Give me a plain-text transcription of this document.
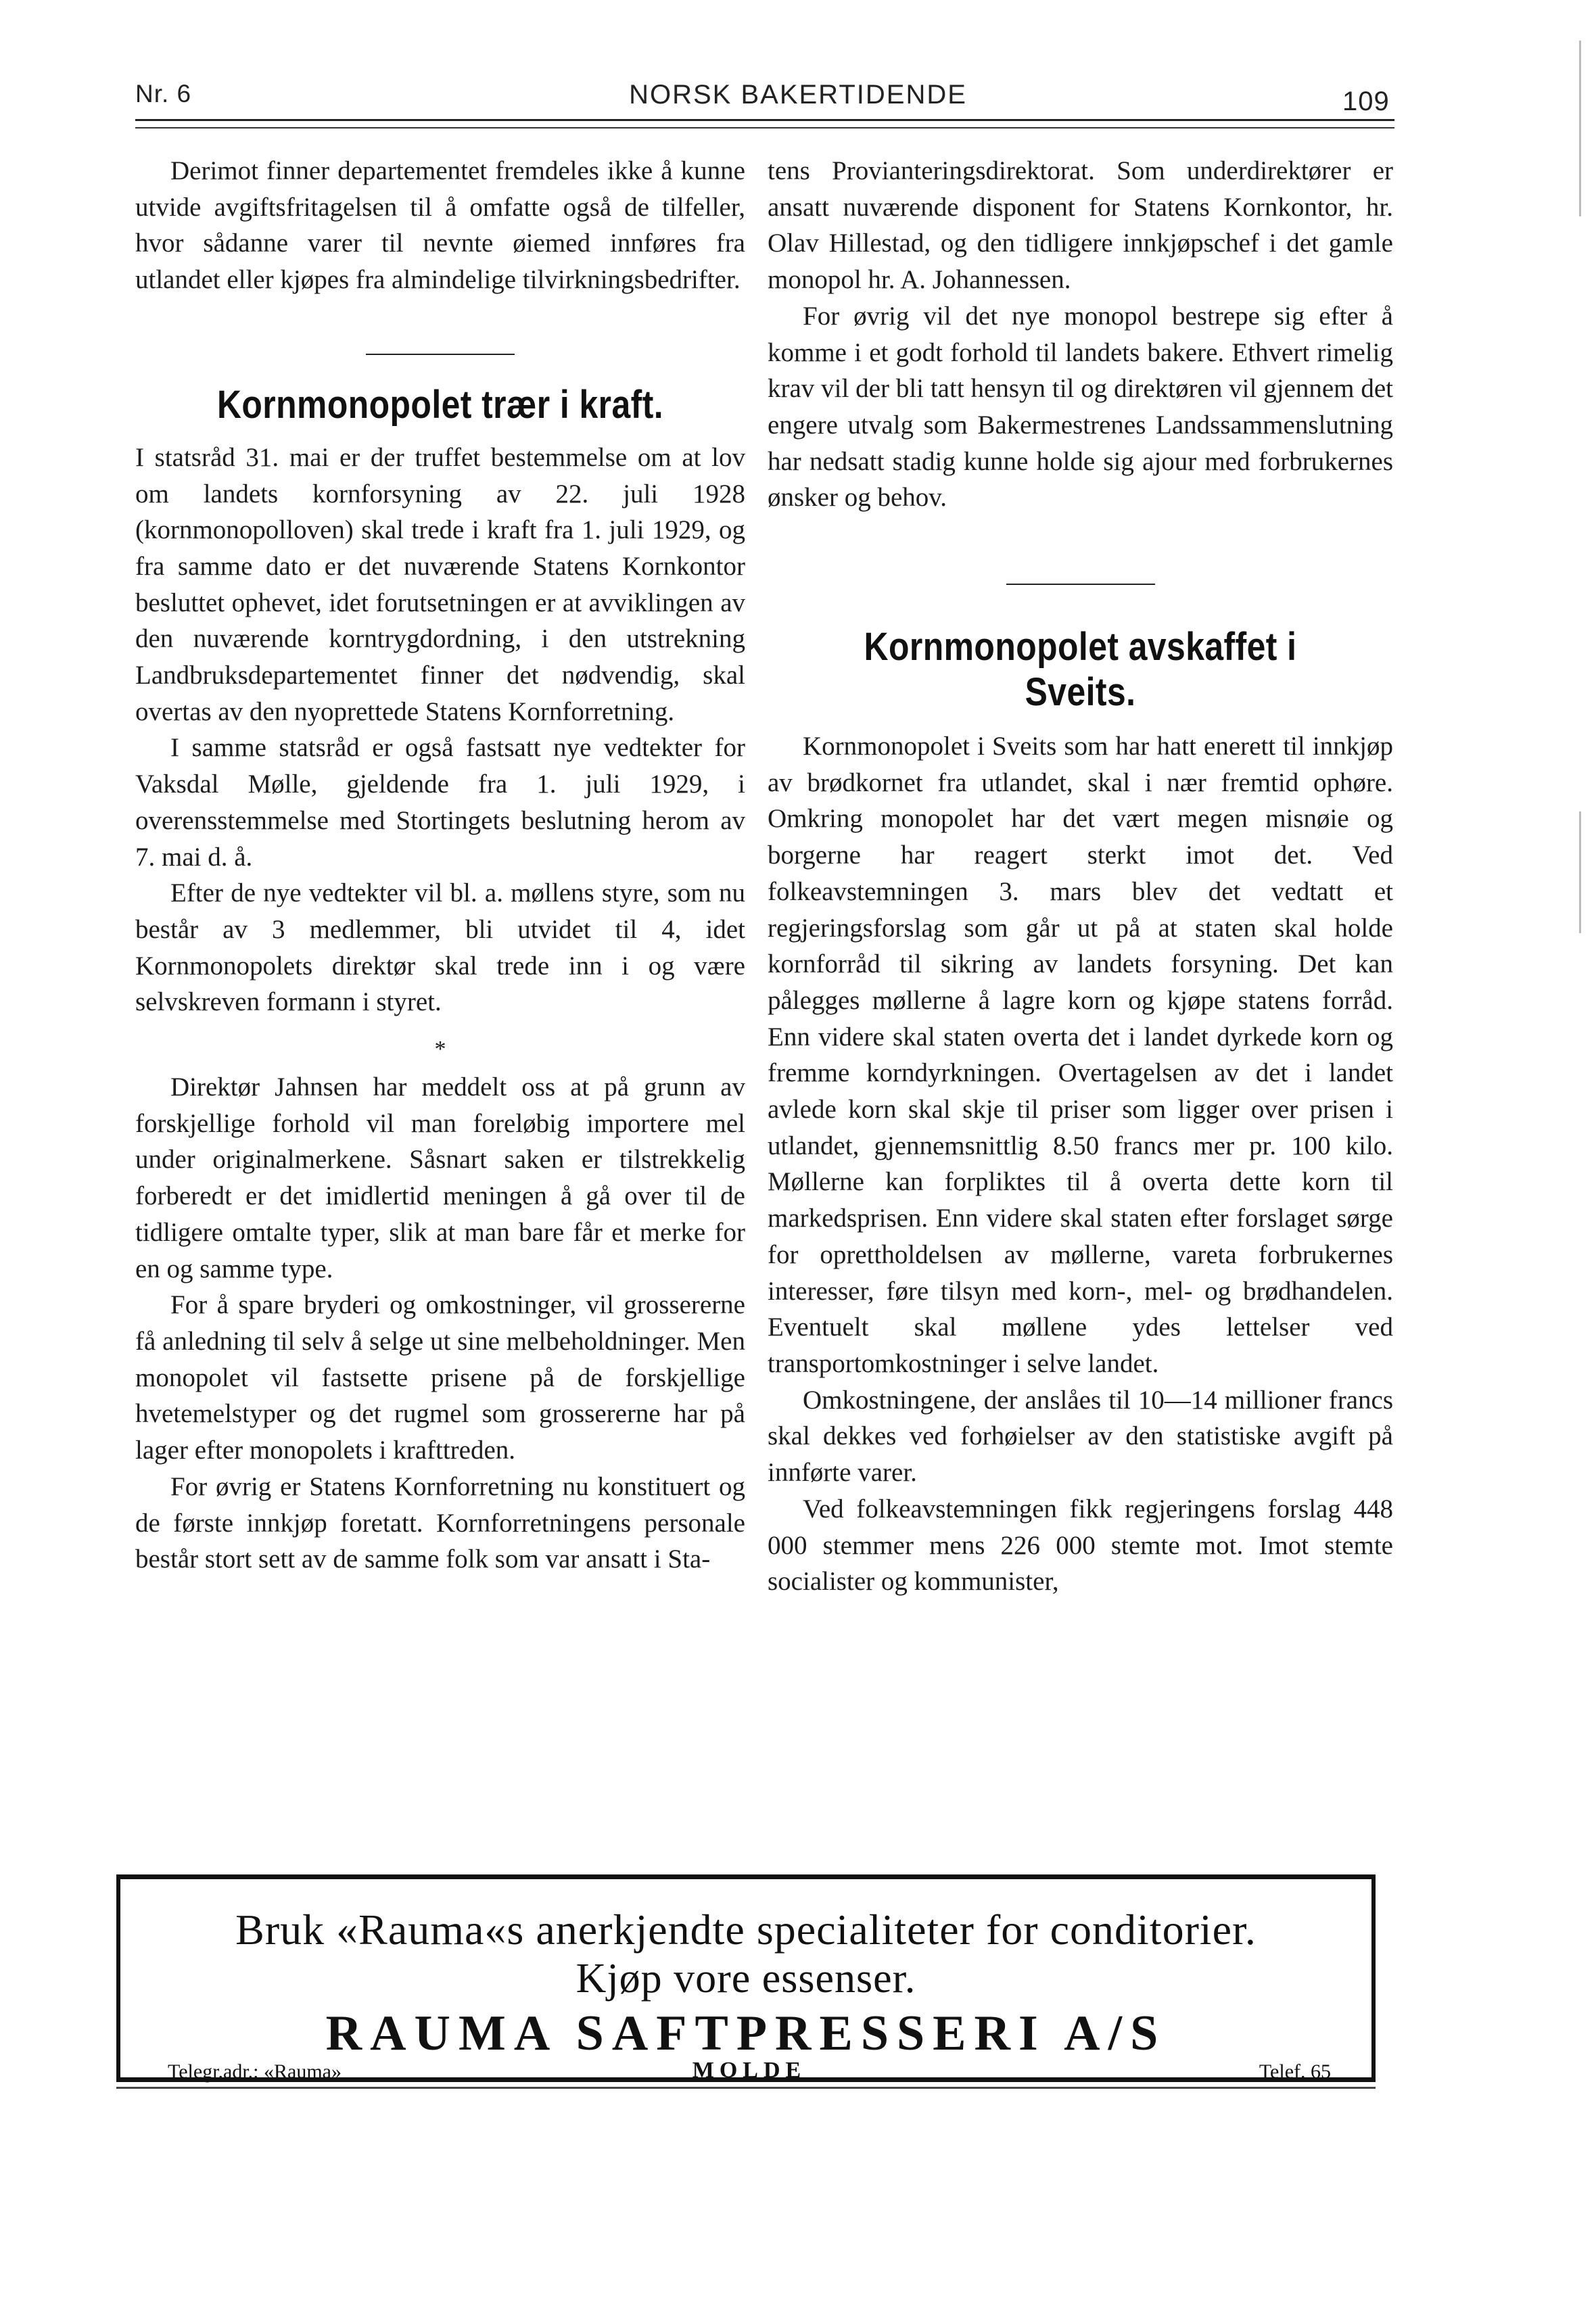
Nr. 6	NORSK BAKERTIDENDE	109

Derimot finner departementet fremdeles ikke å kunne utvide avgiftsfritagelsen til å omfatte også de tilfeller, hvor sådanne varer til nevnte øiemed innføres fra utlandet eller kjøpes fra almindelige tilvirkningsbedrifter.

Kornmonopolet trær i kraft.

I statsråd 31. mai er der truffet bestemmelse om at lov om landets kornforsyning av 22. juli 1928 (kornmonopolloven) skal trede i kraft fra 1. juli 1929, og fra samme dato er det nuværende Statens Kornkontor besluttet ophevet, idet forutsetningen er at avviklingen av den nuværende korntrygdordning, i den utstrekning Landbruksdepartementet finner det nødvendig, skal overtas av den nyoprettede Statens Kornforretning.

I samme statsråd er også fastsatt nye vedtekter for Vaksdal Mølle, gjeldende fra 1. juli 1929, i overensstemmelse med Stortingets beslutning herom av 7. mai d. å.

Efter de nye vedtekter vil bl. a. møllens styre, som nu består av 3 medlemmer, bli utvidet til 4, idet Kornmonopolets direktør skal trede inn i og være selvskreven formann i styret.

*

Direktør Jahnsen har meddelt oss at på grunn av forskjellige forhold vil man foreløbig importere mel under originalmerkene. Såsnart saken er tilstrekkelig forberedt er det imidlertid meningen å gå over til de tidligere omtalte typer, slik at man bare får et merke for en og samme type.

For å spare bryderi og omkostninger, vil grossererne få anledning til selv å selge ut sine melbeholdninger. Men monopolet vil fastsette prisene på de forskjellige hvetemelstyper og det rugmel som grossererne har på lager efter monopolets i krafttreden.

For øvrig er Statens Kornforretning nu konstituert og de første innkjøp foretatt. Kornforretningens personale består stort sett av de samme folk som var ansatt i Sta-

tens Provianteringsdirektorat. Som underdirektører er ansatt nuværende disponent for Statens Kornkontor, hr. Olav Hillestad, og den tidligere innkjøpschef i det gamle monopol hr. A. Johannessen.

For øvrig vil det nye monopol bestrepe sig efter å komme i et godt forhold til landets bakere. Ethvert rimelig krav vil der bli tatt hensyn til og direktøren vil gjennem det engere utvalg som Bakermestrenes Landssammenslutning har nedsatt stadig kunne holde sig ajour med forbrukernes ønsker og behov.

Kornmonopolet avskaffet i Sveits.

Kornmonopolet i Sveits som har hatt enerett til innkjøp av brødkornet fra utlandet, skal i nær fremtid ophøre. Omkring monopolet har det vært megen misnøie og borgerne har reagert sterkt imot det. Ved folkeavstemningen 3. mars blev det vedtatt et regjeringsforslag som går ut på at staten skal holde kornforråd til sikring av landets forsyning. Det kan pålegges møllerne å lagre korn og kjøpe statens forråd. Enn videre skal staten overta det i landet dyrkede korn og fremme korndyrkningen. Overtagelsen av det i landet avlede korn skal skje til priser som ligger over prisen i utlandet, gjennemsnittlig 8.50 francs mer pr. 100 kilo. Møllerne kan forpliktes til å overta dette korn til markedsprisen. Enn videre skal staten efter forslaget sørge for oprettholdelsen av møllerne, vareta forbrukernes interesser, føre tilsyn med korn-, mel- og brødhandelen. Eventuelt skal møllene ydes lettelser ved transportomkostninger i selve landet.

Omkostningene, der anslåes til 10—14 millioner francs skal dekkes ved forhøielser av den statistiske avgift på innførte varer.

Ved folkeavstemningen fikk regjeringens forslag 448 000 stemmer mens 226 000 stemte mot. Imot stemte socialister og kommunister,

Bruk «Rauma«s anerkjendte specialiteter for conditorier.
Kjøp vore essenser.
RAUMA SAFTPRESSERI A/S
Telegr.adr.: «Rauma»	MOLDE	Telef. 65
